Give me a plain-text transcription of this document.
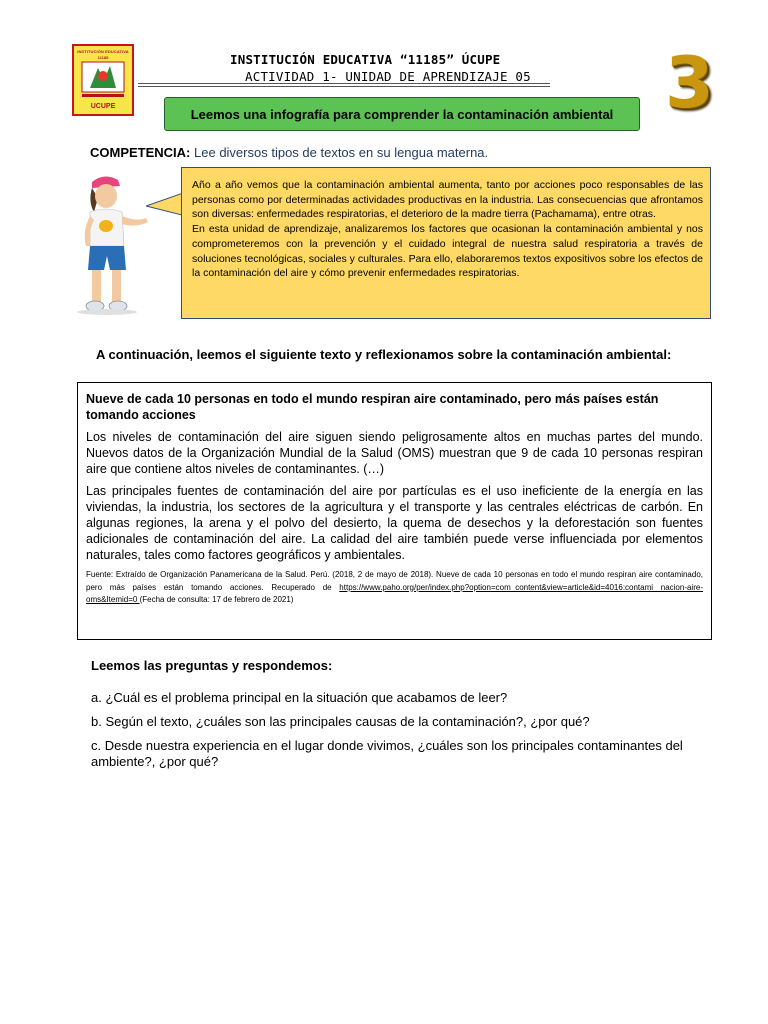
INSTITUCIÓN EDUCATIVA
11185
UCUPE
INSTITUCIÓN EDUCATIVA “11185” ÚCUPE
ACTIVIDAD 1- UNIDAD DE APRENDIZAJE 05 3
Leemos una infografía para comprender la contaminación ambiental
COMPETENCIA: Lee diversos tipos de textos en su lengua materna.

Año a año vemos que la contaminación ambiental aumenta, tanto por acciones poco responsables de las personas como por determinadas actividades productivas en la industria. Las consecuencias que afrontamos son diversas: enfermedades respiratorias, el deterioro de la madre tierra (Pachamama), entre otras.

En esta unidad de aprendizaje, analizaremos los factores que ocasionan la contaminación ambiental y nos comprometeremos con la prevención y el cuidado integral de nuestra salud respiratoria a través de soluciones tecnológicas, sociales y culturales. Para ello, elaboraremos textos expositivos sobre los efectos de la contaminación del aire y cómo prevenir enfermedades respiratorias.

A continuación, leemos el siguiente texto y reflexionamos sobre la contaminación ambiental:

Nueve de cada 10 personas en todo el mundo respiran aire contaminado, pero más países están tomando acciones

Los niveles de contaminación del aire siguen siendo peligrosamente altos en muchas partes del mundo. Nuevos datos de la Organización Mundial de la Salud (OMS) muestran que 9 de cada 10 personas respiran aire que contiene altos niveles de contaminantes. (…)

Las principales fuentes de contaminación del aire por partículas es el uso ineficiente de la energía en las viviendas, la industria, los sectores de la agricultura y el transporte y las centrales eléctricas de carbón. En algunas regiones, la arena y el polvo del desierto, la quema de desechos y la deforestación son fuentes adicionales de contaminación del aire. La calidad del aire también puede verse influenciada por elementos naturales, tales como factores geográficos y ambientales.

Fuente: Extraído de Organización Panamericana de la Salud. Perú. (2018, 2 de mayo de 2018). Nueve de cada 10 personas en todo el mundo respiran aire contaminado, pero más países están tomando acciones. Recuperado de https://www.paho.org/per/index.php?option=com_content&view=article&id=4016:contami nacion-aire-oms&Itemid=0 (Fecha de consulta: 17 de febrero de 2021)

Leemos las preguntas y respondemos:
a. ¿Cuál es el problema principal en la situación que acabamos de leer?
b. Según el texto, ¿cuáles son las principales causas de la contaminación?, ¿por qué?
c. Desde nuestra experiencia en el lugar donde vivimos, ¿cuáles son los principales contaminantes del ambiente?, ¿por qué?
